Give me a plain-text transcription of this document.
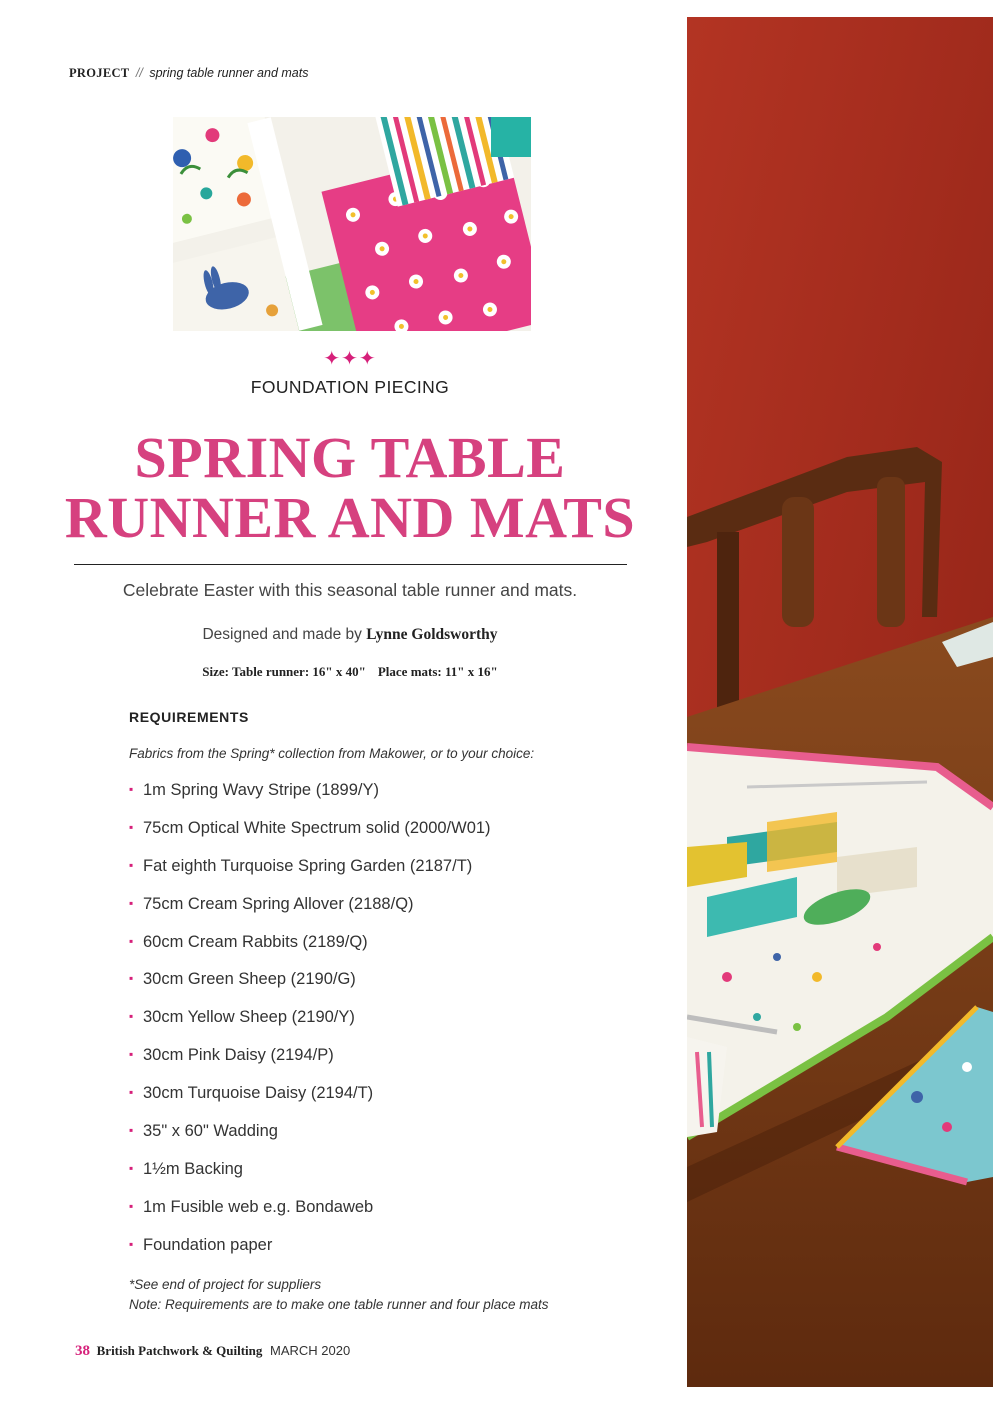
PROJECT // spring table runner and mats
✦✦✦
FOUNDATION PIECING
SPRING TABLE
RUNNER AND MATS

Celebrate Easter with this seasonal table runner and mats.

Designed and made by Lynne Goldsworthy

Size: Table runner: 16" x 40" Place mats: 11" x 16"

REQUIREMENTS

Fabrics from the Spring* collection from Makower, or to your choice:

▪ 1m Spring Wavy Stripe (1899/Y)
▪ 75cm Optical White Spectrum solid (2000/W01)
▪ Fat eighth Turquoise Spring Garden (2187/T)
▪ 75cm Cream Spring Allover (2188/Q)
▪ 60cm Cream Rabbits (2189/Q)
▪ 30cm Green Sheep (2190/G)
▪ 30cm Yellow Sheep (2190/Y)
▪ 30cm Pink Daisy (2194/P)
▪ 30cm Turquoise Daisy (2194/T)
▪ 35" x 60" Wadding
▪ 1½m Backing
▪ 1m Fusible web e.g. Bondaweb
▪ Foundation paper
*See end of project for suppliers
Note: Requirements are to make one table runner and four place mats
38 British Patchwork & Quilting MARCH 2020
